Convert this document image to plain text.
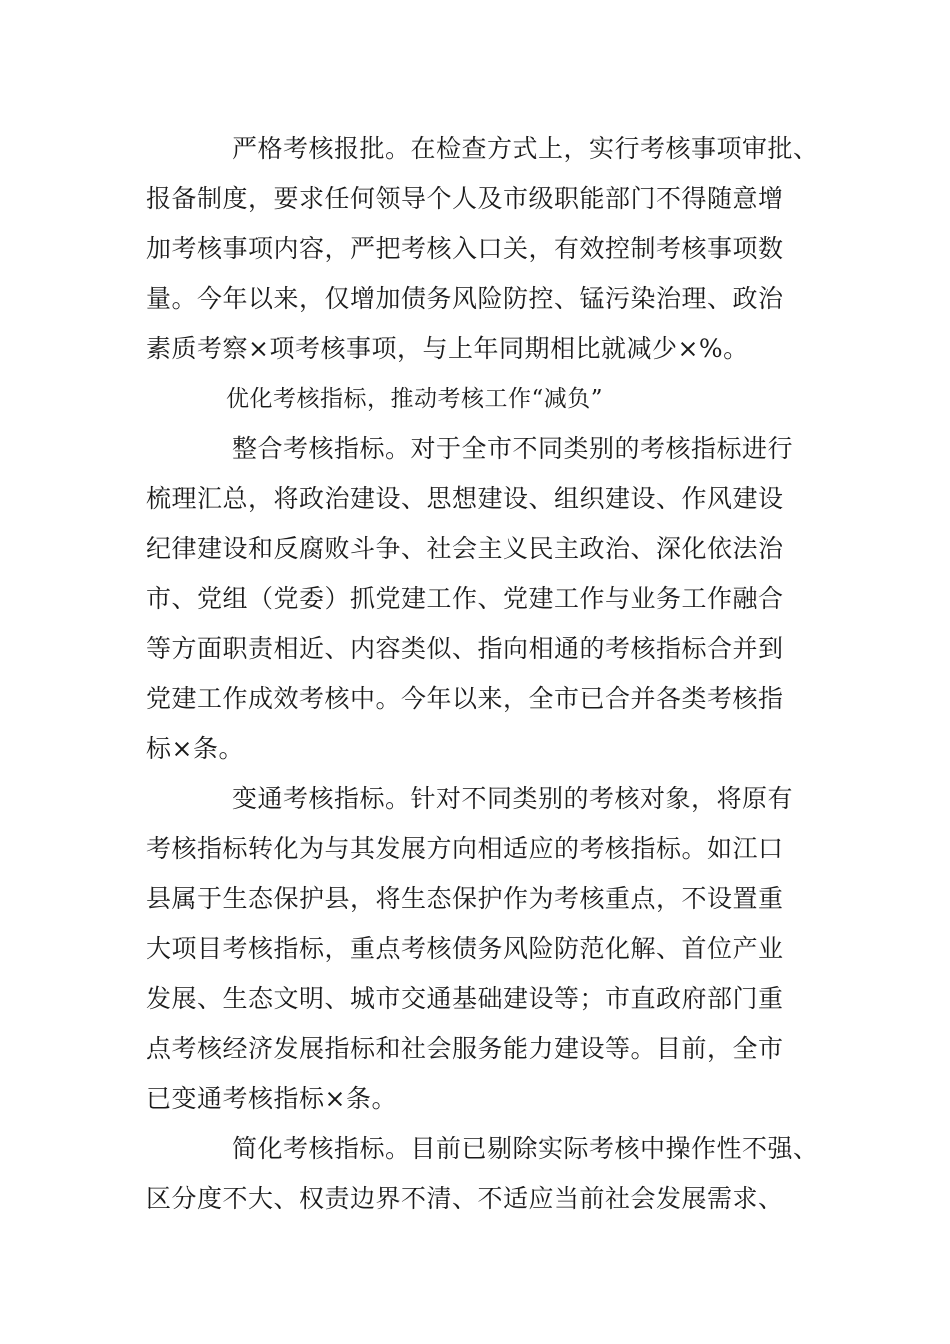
严格考核报批。在检查方式上，实行考核事项审批、
报备制度，要求任何领导个人及市级职能部门不得随意增
加考核事项内容，严把考核入口关，有效控制考核事项数
量。今年以来，仅增加债务风险防控、锰污染治理、政治
素质考察×项考核事项，与上年同期相比就减少×%。
优化考核指标，推动考核工作“减负”
整合考核指标。对于全市不同类别的考核指标进行
梳理汇总，将政治建设、思想建设、组织建设、作风建设
纪律建设和反腐败斗争、社会主义民主政治、深化依法治
市、党组（党委）抓党建工作、党建工作与业务工作融合
等方面职责相近、内容类似、指向相通的考核指标合并到
党建工作成效考核中。今年以来，全市已合并各类考核指
标×条。
变通考核指标。针对不同类别的考核对象，将原有
考核指标转化为与其发展方向相适应的考核指标。如江口
县属于生态保护县，将生态保护作为考核重点，不设置重
大项目考核指标，重点考核债务风险防范化解、首位产业
发展、生态文明、城市交通基础建设等；市直政府部门重
点考核经济发展指标和社会服务能力建设等。目前，全市
已变通考核指标×条。
简化考核指标。目前已剔除实际考核中操作性不强、
区分度不大、权责边界不清、不适应当前社会发展需求、
